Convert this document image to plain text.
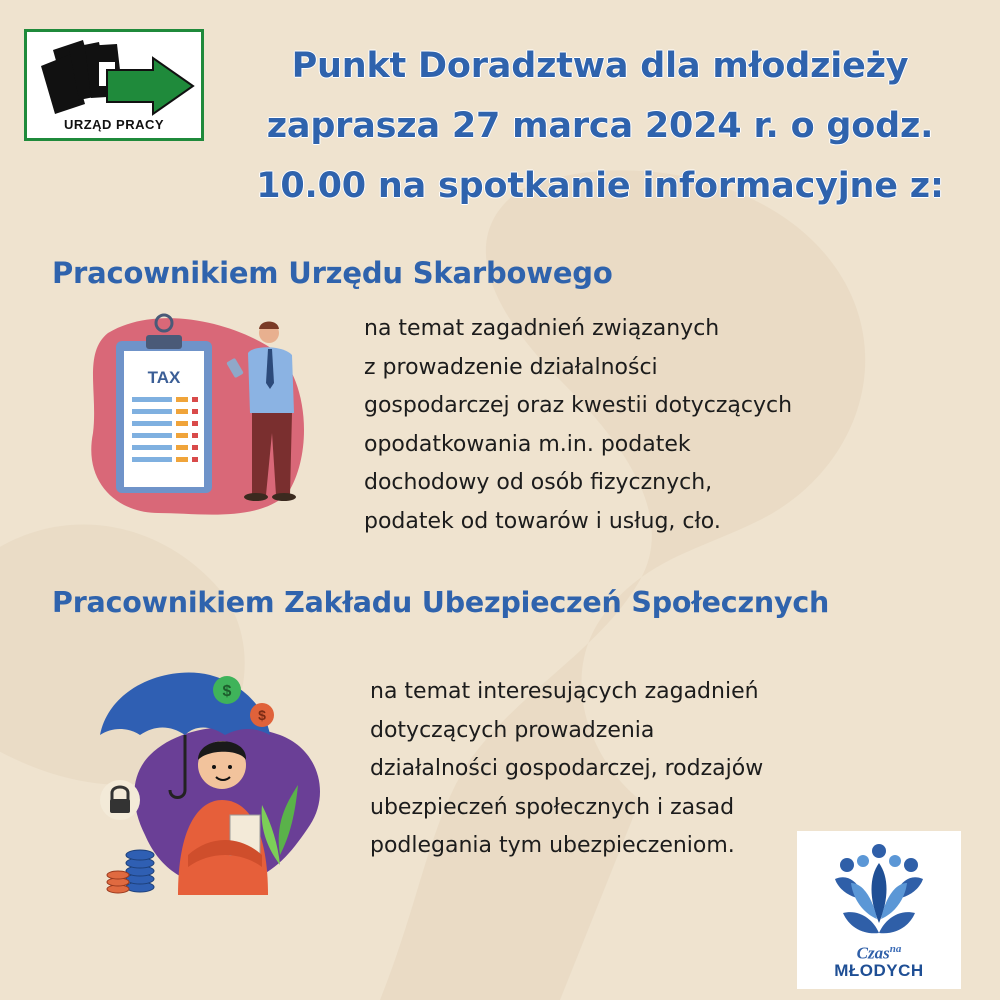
URZĄD PRACY
Punkt Doradztwa dla młodzieży
zaprasza 27 marca 2024 r. o godz.
10.00 na spotkanie informacyjne z:
Pracownikiem Urzędu Skarbowego
TAX
na temat zagadnień związanych
z prowadzenie działalności
gospodarczej oraz kwestii dotyczących
opodatkowania m.in. podatek
dochodowy od osób fizycznych,
podatek od towarów i usług, cło.
Pracownikiem Zakładu Ubezpieczeń Społecznych
$
$
na temat interesujących zagadnień
dotyczących prowadzenia
działalności gospodarczej, rodzajów
ubezpieczeń społecznych i zasad
podlegania tym ubezpieczeniom.
Czas$^{na}$
MŁODYCH
